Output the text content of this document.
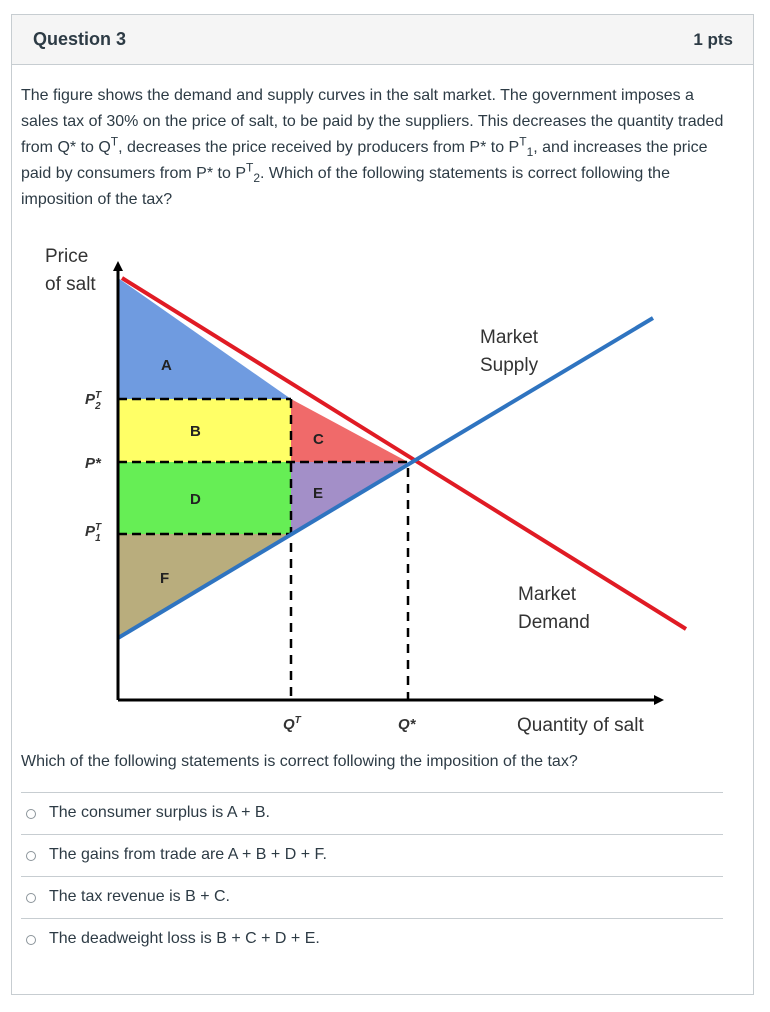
Question 3	1 pts
The figure shows the demand and supply curves in the salt market. The government imposes a sales tax of 30% on the price of salt, to be paid by the suppliers. This decreases the quantity traded from Q* to $Q^T$, decreases the price received by producers from P* to $P^T_1$, and increases the price paid by consumers from P* to $P^T_2$. Which of the following statements is correct following the imposition of the tax?
Price
of salt
Quantity of salt
Market
Supply
Market
Demand
$P^T$ 2
P*
$P^T$ 1
$Q^T$	Q*
A
B	C
D	E
F
Which of the following statements is correct following the imposition of the tax?
The consumer surplus is A + B.
The gains from trade are A + B + D + F.
The tax revenue is B + C.
The deadweight loss is B + C + D + E.
